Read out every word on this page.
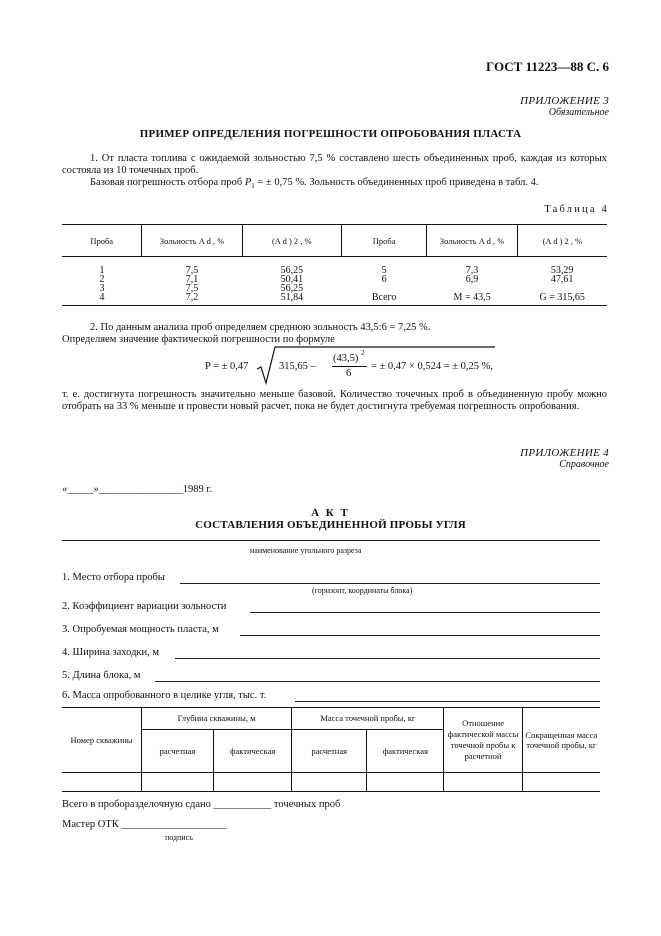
ГОСТ 11223—88 С. 6
ПРИЛОЖЕНИЕ 3
Обязательное
ПРИМЕР ОПРЕДЕЛЕНИЯ ПОГРЕШНОСТИ ОПРОБОВАНИЯ ПЛАСТА
1. От пласта топлива с ожидаемой зольностью 7,5 % составлено шесть объединенных проб, каждая из которых состояла из 10 точечных проб.
Базовая погрешность отбора проб $P_1$ = ± 0,75 %. Зольность объединенных проб приведена в табл. 4.
Таблица 4
Проба	Зольность A d , %	(A d ) 2 , %	Проба	Зольность A d , %	(A d ) 2 , %
1	7,5	56,25	5	7,3	53,29
2	7,1	50,41	6	6,9	47,61
3	7,5	56,25			
4	7,2	51,84	Всего	M = 43,5	G = 315,65
2. По данным анализа проб определяем среднюю зольность 43,5:6 = 7,25 %.
Определяем значение фактической погрешности по формуле
P = ± 0,47	315,65 –
(43,5) 2
6
= ± 0,47 × 0,524 = ± 0,25 %,
т. е. достигнута погрешность значительно меньше базовой. Количество точечных проб в объединенную пробу можно отобрать на 33 % меньше и провести новый расчет, пока не будет достигнута требуемая погрешность опробования.
ПРИЛОЖЕНИЕ 4
Справочное
«_____»________________1989 г.
А К Т
СОСТАВЛЕНИЯ ОБЪЕДИНЕННОЙ ПРОБЫ УГЛЯ
наименование угольного разреза
1. Место отбора пробы
(горизонт, координаты блока)
2. Коэффициент вариации зольности
3. Опробуемая мощность пласта, м
4. Ширина заходки, м
5. Длина блока, м
6. Масса опробованного в целике угля, тыс. т.
Номер скважины	Глубина скважины, м		Масса точечной пробы, кг		Отношение фактической массы точечной пробы к расчетной	Сокращенная масса точечной пробы, кг
	расчетная	фактическая	расчетная	фактическая		

Всего в проборазделочную сдано ___________ точечных проб
Мастер ОТК ____________________
подпись
